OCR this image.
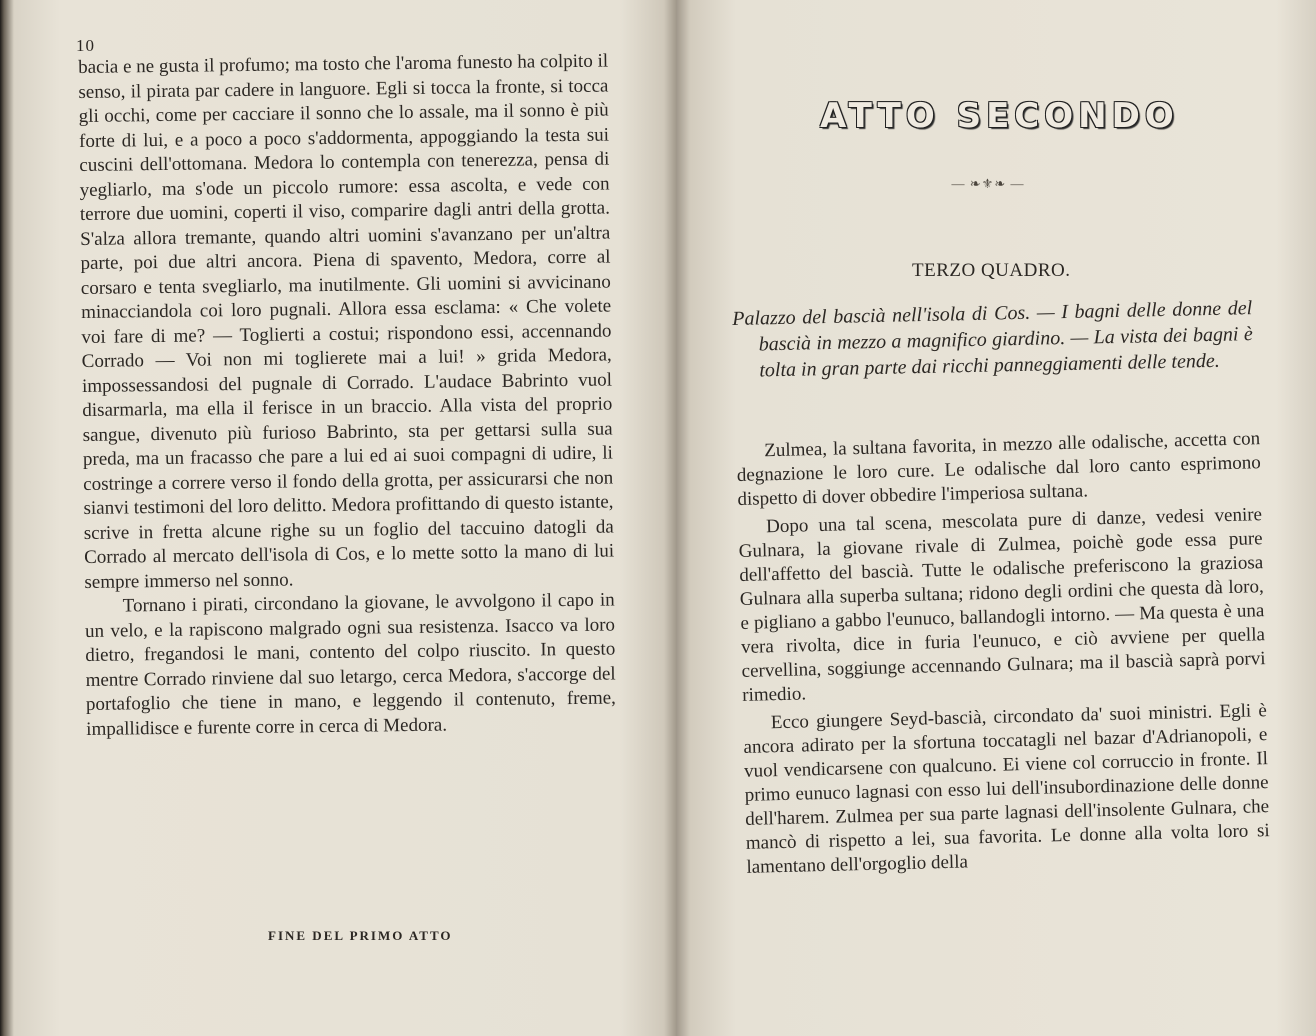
10

bacia e ne gusta il profumo; ma tosto che l'aroma funesto ha colpito il senso, il pirata par cadere in languore. Egli si tocca la fronte, si tocca gli occhi, come per cacciare il sonno che lo assale, ma il sonno è più forte di lui, e a poco a poco s'addormenta, appoggiando la testa sui cuscini dell'ottomana. Medora lo contempla con tenerezza, pensa di yegliarlo, ma s'ode un piccolo rumore: essa ascolta, e vede con terrore due uomini, coperti il viso, comparire dagli antri della grotta. S'alza allora tremante, quando altri uomini s'avanzano per un'altra parte, poi due altri ancora. Piena di spavento, Medora, corre al corsaro e tenta svegliarlo, ma inutilmente. Gli uomini si avvicinano minacciandola coi loro pugnali. Allora essa esclama: « Che volete voi fare di me? — Toglierti a costui; rispondono essi, accennando Corrado — Voi non mi toglierete mai a lui! » grida Medora, impossessandosi del pugnale di Corrado. L'audace Babrinto vuol disarmarla, ma ella il ferisce in un braccio. Alla vista del proprio sangue, divenuto più furioso Babrinto, sta per gettarsi sulla sua preda, ma un fracasso che pare a lui ed ai suoi compagni di udire, li costringe a correre verso il fondo della grotta, per assicurarsi che non sianvi testimoni del loro delitto. Medora profittando di questo istante, scrive in fretta alcune righe su un foglio del taccuino datogli da Corrado al mercato dell'isola di Cos, e lo mette sotto la mano di lui sempre immerso nel sonno.

Tornano i pirati, circondano la giovane, le avvolgono il capo in un velo, e la rapiscono malgrado ogni sua resistenza. Isacco va loro dietro, fregandosi le mani, contento del colpo riuscito. In questo mentre Corrado rinviene dal suo letargo, cerca Medora, s'accorge del portafoglio che tiene in mano, e leggendo il contenuto, freme, impallidisce e furente corre in cerca di Medora.

FINE DEL PRIMO ATTO
ATTO SECONDO
— ❧⚜❧ —
TERZO QUADRO.

Palazzo del bascià nell'isola di Cos. — I bagni delle donne del bascià in mezzo a magnifico giardino. — La vista dei bagni è tolta in gran parte dai ricchi panneggiamenti delle tende.

Zulmea, la sultana favorita, in mezzo alle odalische, accetta con degnazione le loro cure. Le odalische dal loro canto esprimono dispetto di dover obbedire l'imperiosa sultana.

Dopo una tal scena, mescolata pure di danze, vedesi venire Gulnara, la giovane rivale di Zulmea, poichè gode essa pure dell'affetto del bascià. Tutte le odalische preferiscono la graziosa Gulnara alla superba sultana; ridono degli ordini che questa dà loro, e pigliano a gabbo l'eunuco, ballandogli intorno. — Ma questa è una vera rivolta, dice in furia l'eunuco, e ciò avviene per quella cervellina, soggiunge accennando Gulnara; ma il bascià saprà porvi rimedio.

Ecco giungere Seyd-bascià, circondato da' suoi ministri. Egli è ancora adirato per la sfortuna toccatagli nel bazar d'Adrianopoli, e vuol vendicarsene con qualcuno. Ei viene col corruccio in fronte. Il primo eunuco lagnasi con esso lui dell'insubordinazione delle donne dell'harem. Zulmea per sua parte lagnasi dell'insolente Gulnara, che mancò di rispetto a lei, sua favorita. Le donne alla volta loro si lamentano dell'orgoglio della
